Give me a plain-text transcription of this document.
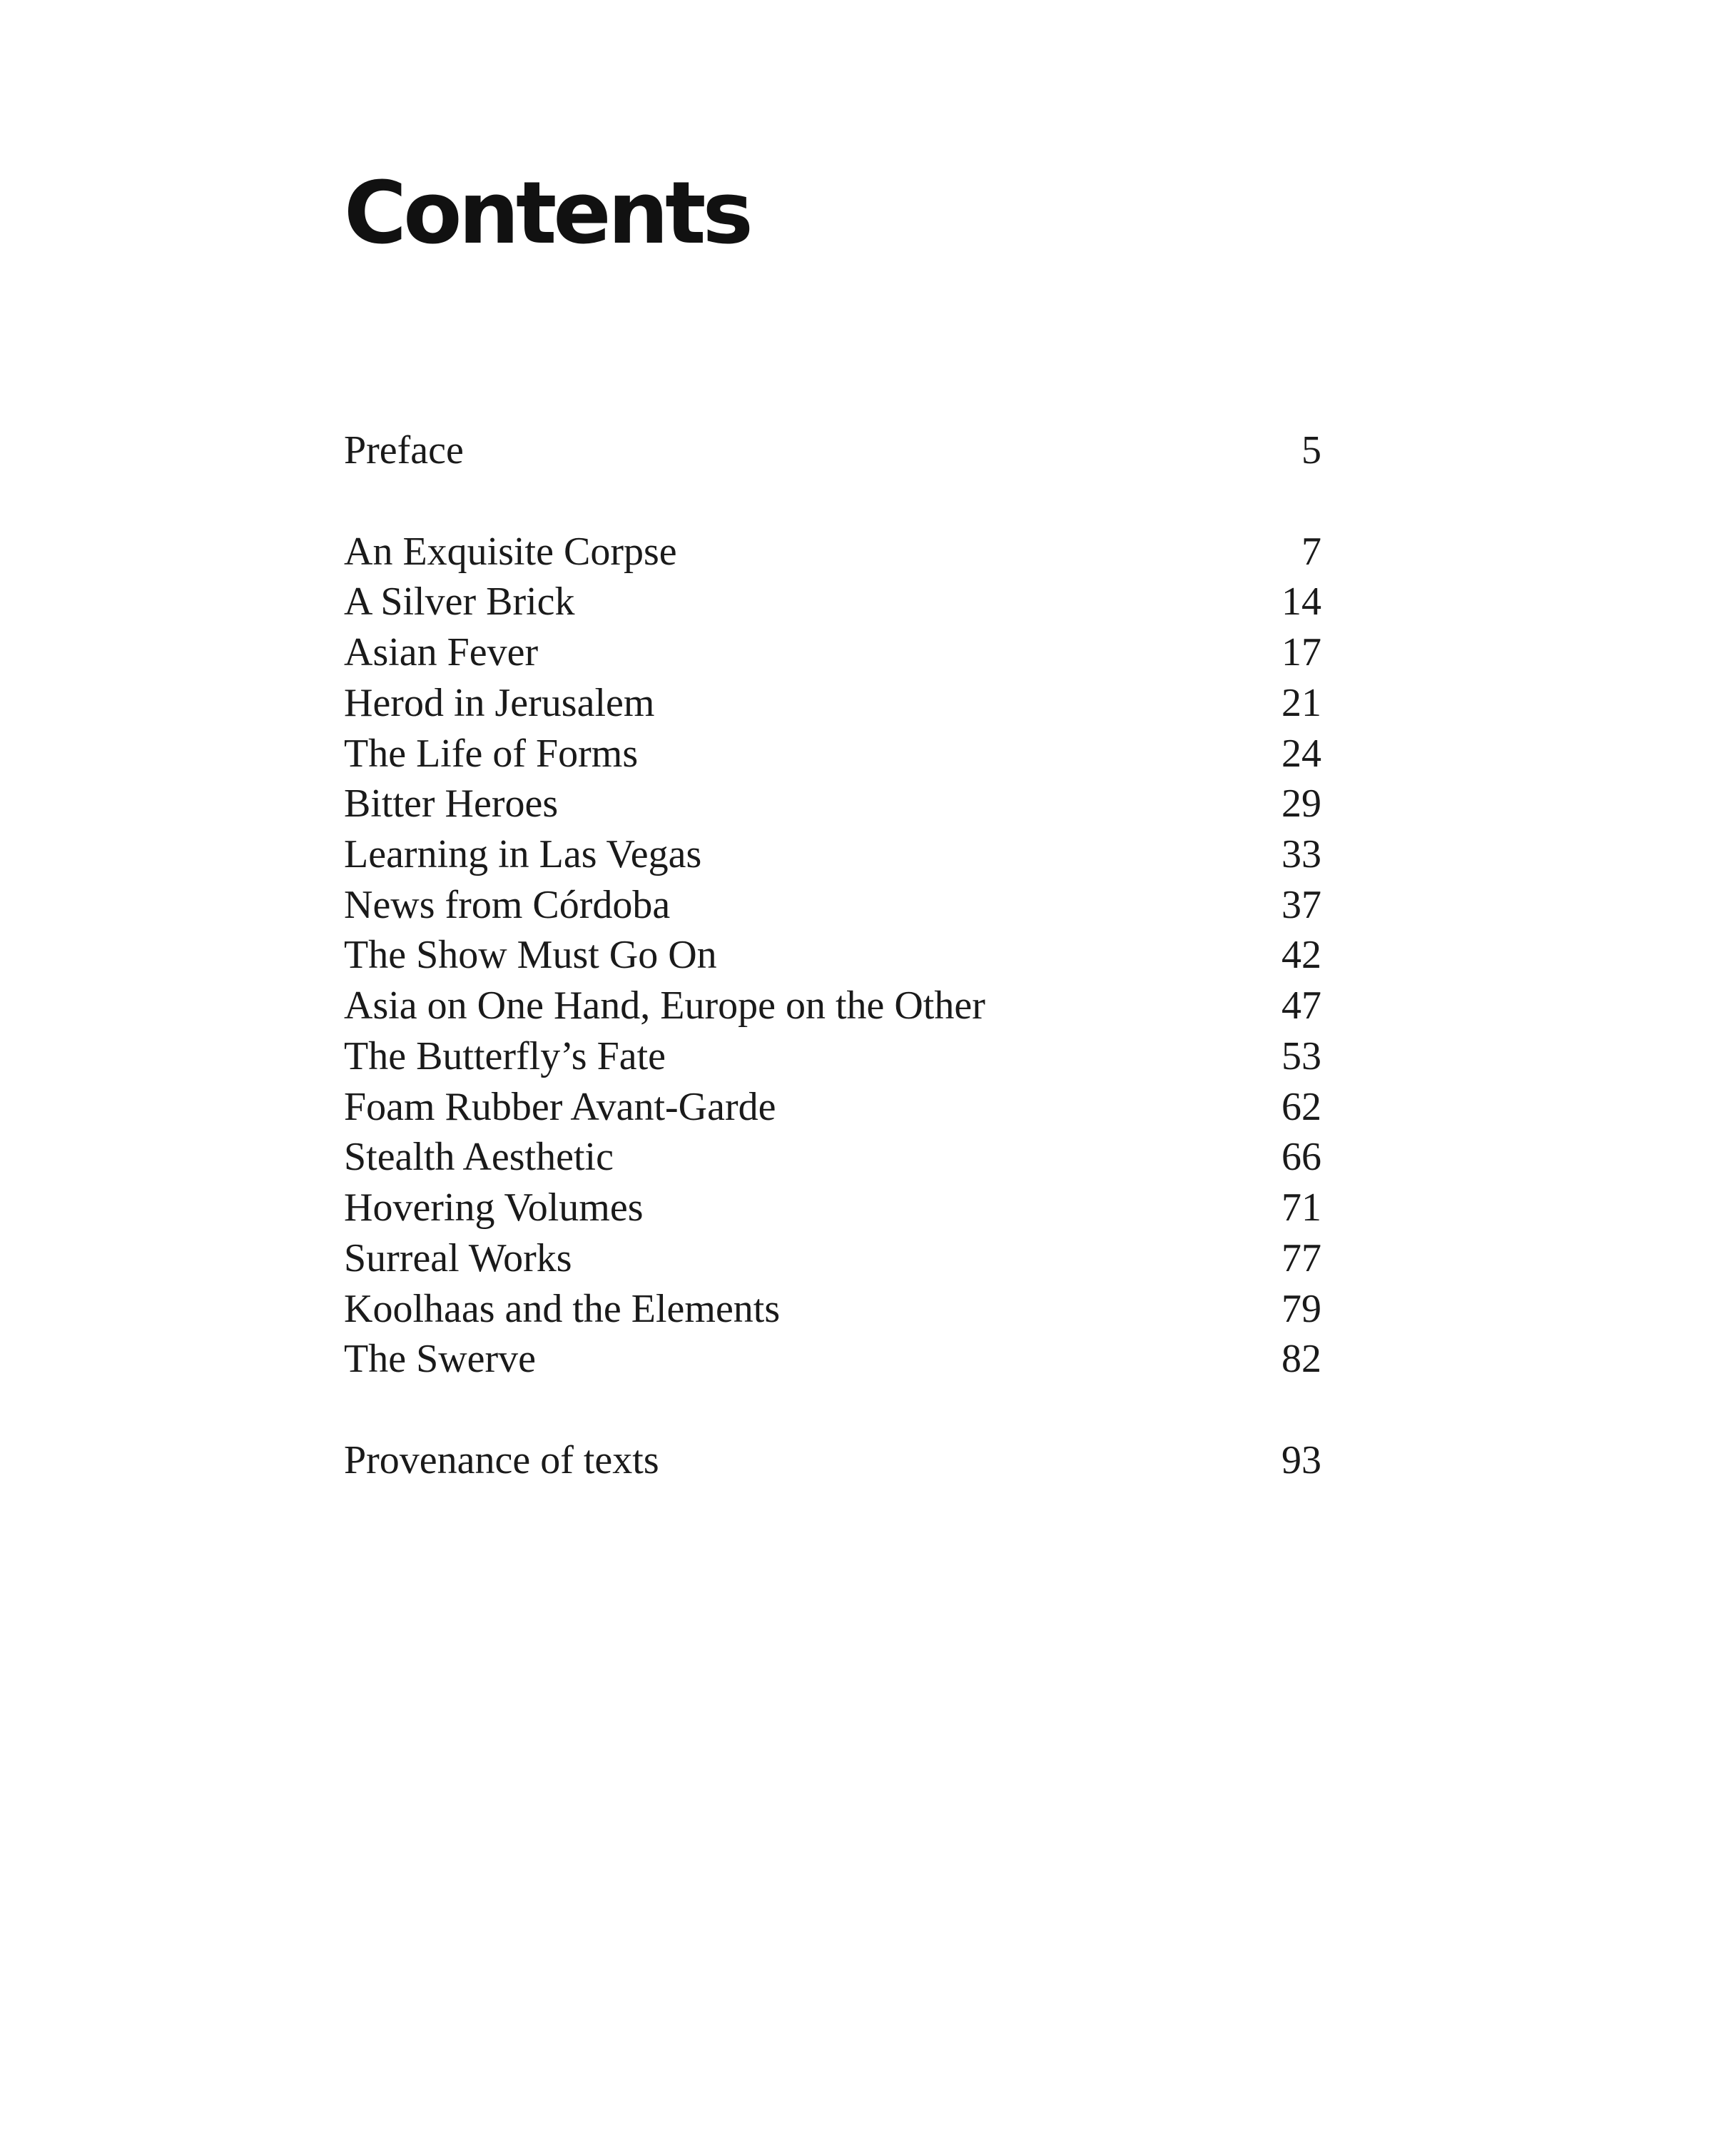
Contents
Preface	5
An Exquisite Corpse	7
A Silver Brick	14
Asian Fever	17
Herod in Jerusalem	21
The Life of Forms	24
Bitter Heroes	29
Learning in Las Vegas	33
News from Córdoba	37
The Show Must Go On	42
Asia on One Hand, Europe on the Other	47
The Butterfly’s Fate	53
Foam Rubber Avant-Garde	62
Stealth Aesthetic	66
Hovering Volumes	71
Surreal Works	77
Koolhaas and the Elements	79
The Swerve	82
Provenance of texts	93
